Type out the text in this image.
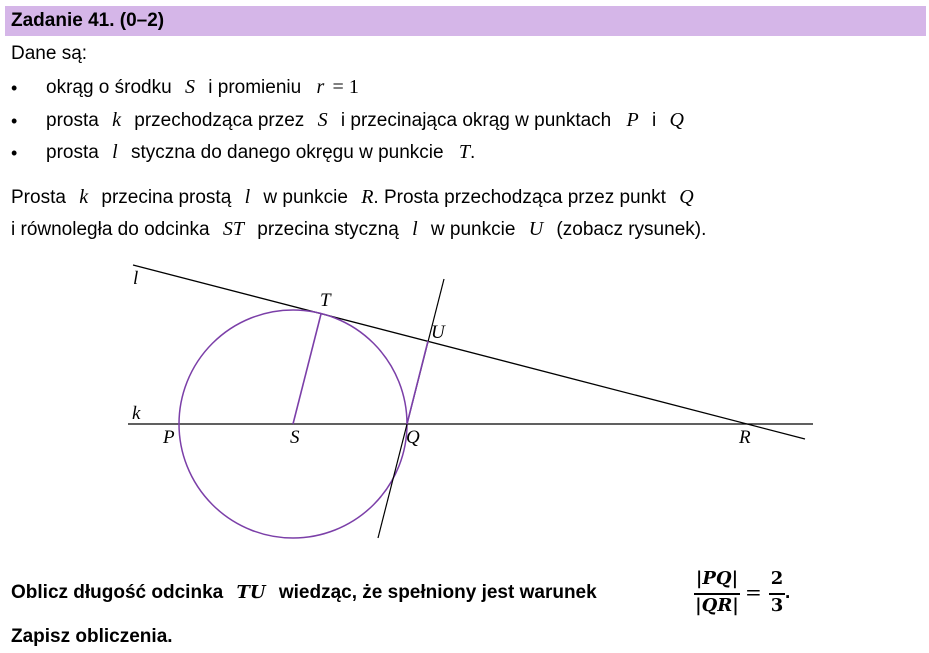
Zadanie 41. (0–2)
Dane są:
• okrąg o środku S i promieniu r = 1
• prosta k przechodząca przez S i przecinająca okrąg w punktach P i Q
• prosta l styczna do danego okręgu w punkcie T.
Prosta k przecina prostą l w punkcie R. Prosta przechodząca przez punkt Q
i równoległa do odcinka ST przecina styczną l w punkcie U (zobacz rysunek).
l
k
T
U
P	S	Q	R
Oblicz długość odcinka TU wiedząc, że spełniony jest warunek
|PQ|
|QR|
=
2
3
.
Zapisz obliczenia.
